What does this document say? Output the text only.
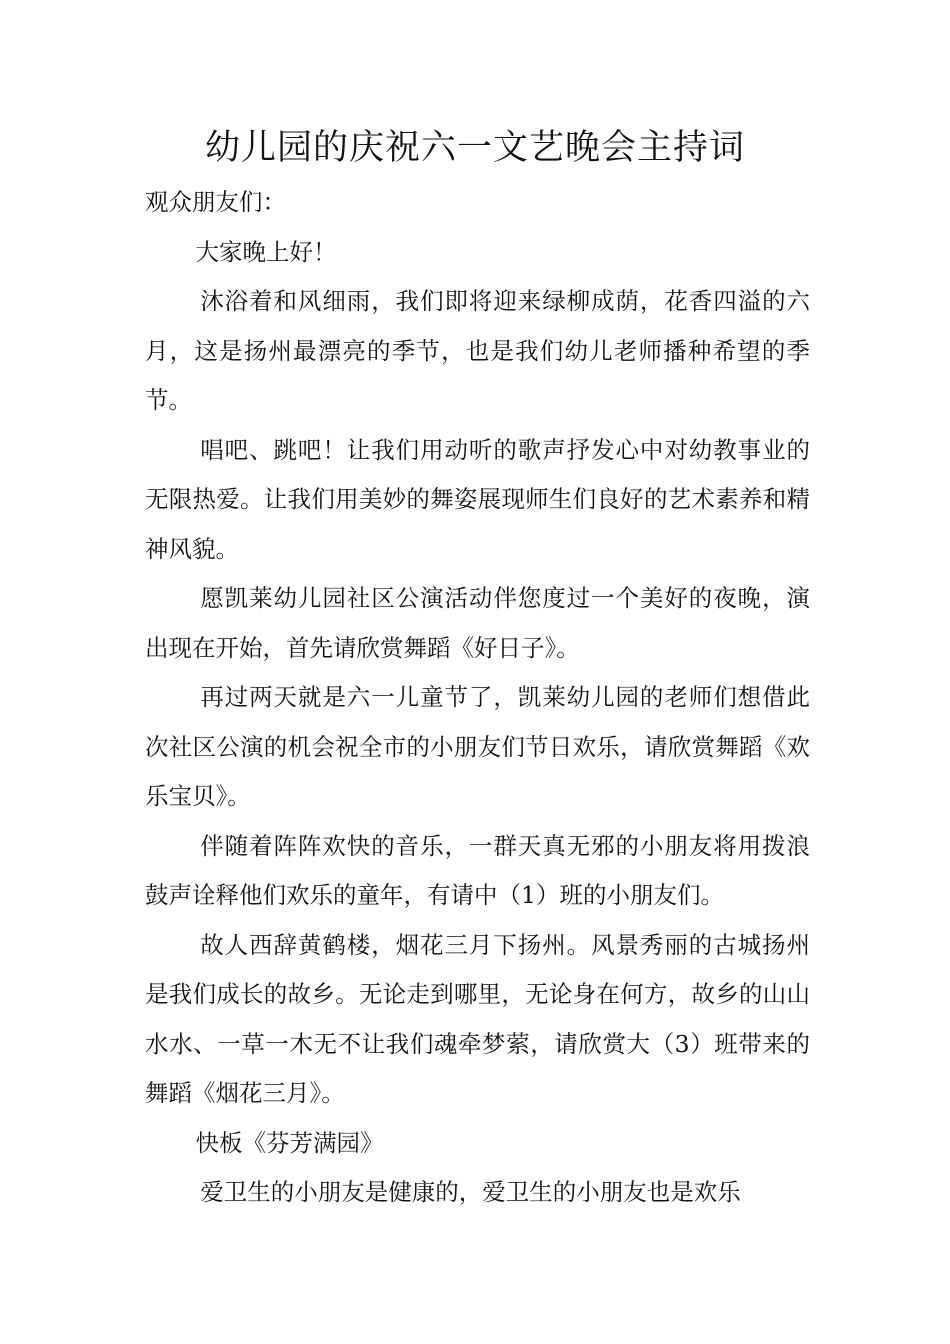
幼儿园的庆祝六一文艺晚会主持词

观众朋友们：

大家晚上好！

沐浴着和风细雨，我们即将迎来绿柳成荫，花香四溢的六月，这是扬州最漂亮的季节，也是我们幼儿老师播种希望的季节。

唱吧、跳吧！让我们用动听的歌声抒发心中对幼教事业的无限热爱。让我们用美妙的舞姿展现师生们良好的艺术素养和精神风貌。

愿凯莱幼儿园社区公演活动伴您度过一个美好的夜晚，演出现在开始，首先请欣赏舞蹈《好日子》。

再过两天就是六一儿童节了，凯莱幼儿园的老师们想借此次社区公演的机会祝全市的小朋友们节日欢乐，请欣赏舞蹈《欢乐宝贝》。

伴随着阵阵欢快的音乐，一群天真无邪的小朋友将用拨浪鼓声诠释他们欢乐的童年，有请中（1）班的小朋友们。

故人西辞黄鹤楼，烟花三月下扬州。风景秀丽的古城扬州是我们成长的故乡。无论走到哪里，无论身在何方，故乡的山山水水、一草一木无不让我们魂牵梦萦，请欣赏大（3）班带来的舞蹈《烟花三月》。

快板《芬芳满园》

爱卫生的小朋友是健康的，爱卫生的小朋友也是欢乐
